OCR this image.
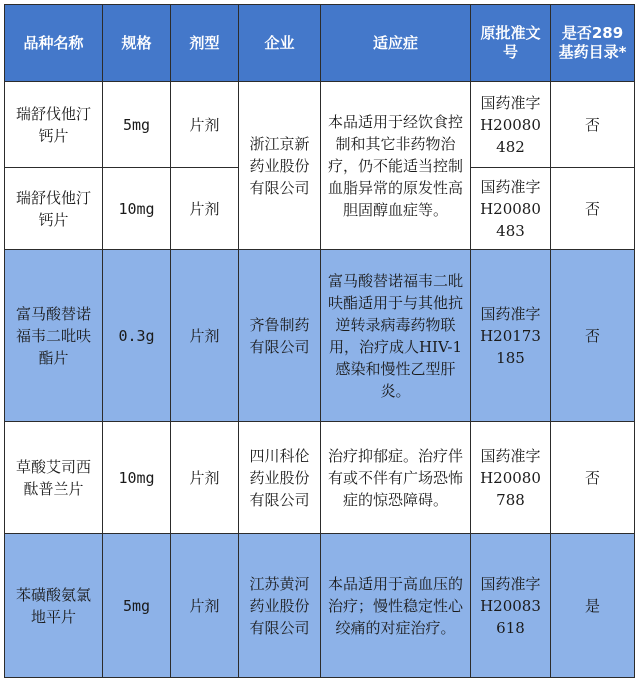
品种名称	规格	剂型	企业	适应症	原批准文号	是否289基药目录*
瑞舒伐他汀钙片	5mg	片剂	浙江京新药业股份有限公司	本品适用于经饮食控制和其它非药物治疗，仍不能适当控制血脂异常的原发性高胆固醇血症等。	国药准字H20080482	否
瑞舒伐他汀钙片	10mg	片剂			国药准字H20080483	否
富马酸替诺福韦二吡呋酯片	0.3g	片剂	齐鲁制药有限公司	富马酸替诺福韦二吡呋酯适用于与其他抗逆转录病毒药物联用，治疗成人HIV-1感染和慢性乙型肝炎。	国药准字H20173185	否
草酸艾司西酞普兰片	10mg	片剂	四川科伦药业股份有限公司	治疗抑郁症。治疗伴有或不伴有广场恐怖症的惊恐障碍。	国药准字H20080788	否
苯磺酸氨氯地平片	5mg	片剂	江苏黄河药业股份有限公司	本品适用于高血压的治疗；慢性稳定性心绞痛的对症治疗。	国药准字H20083618	是
